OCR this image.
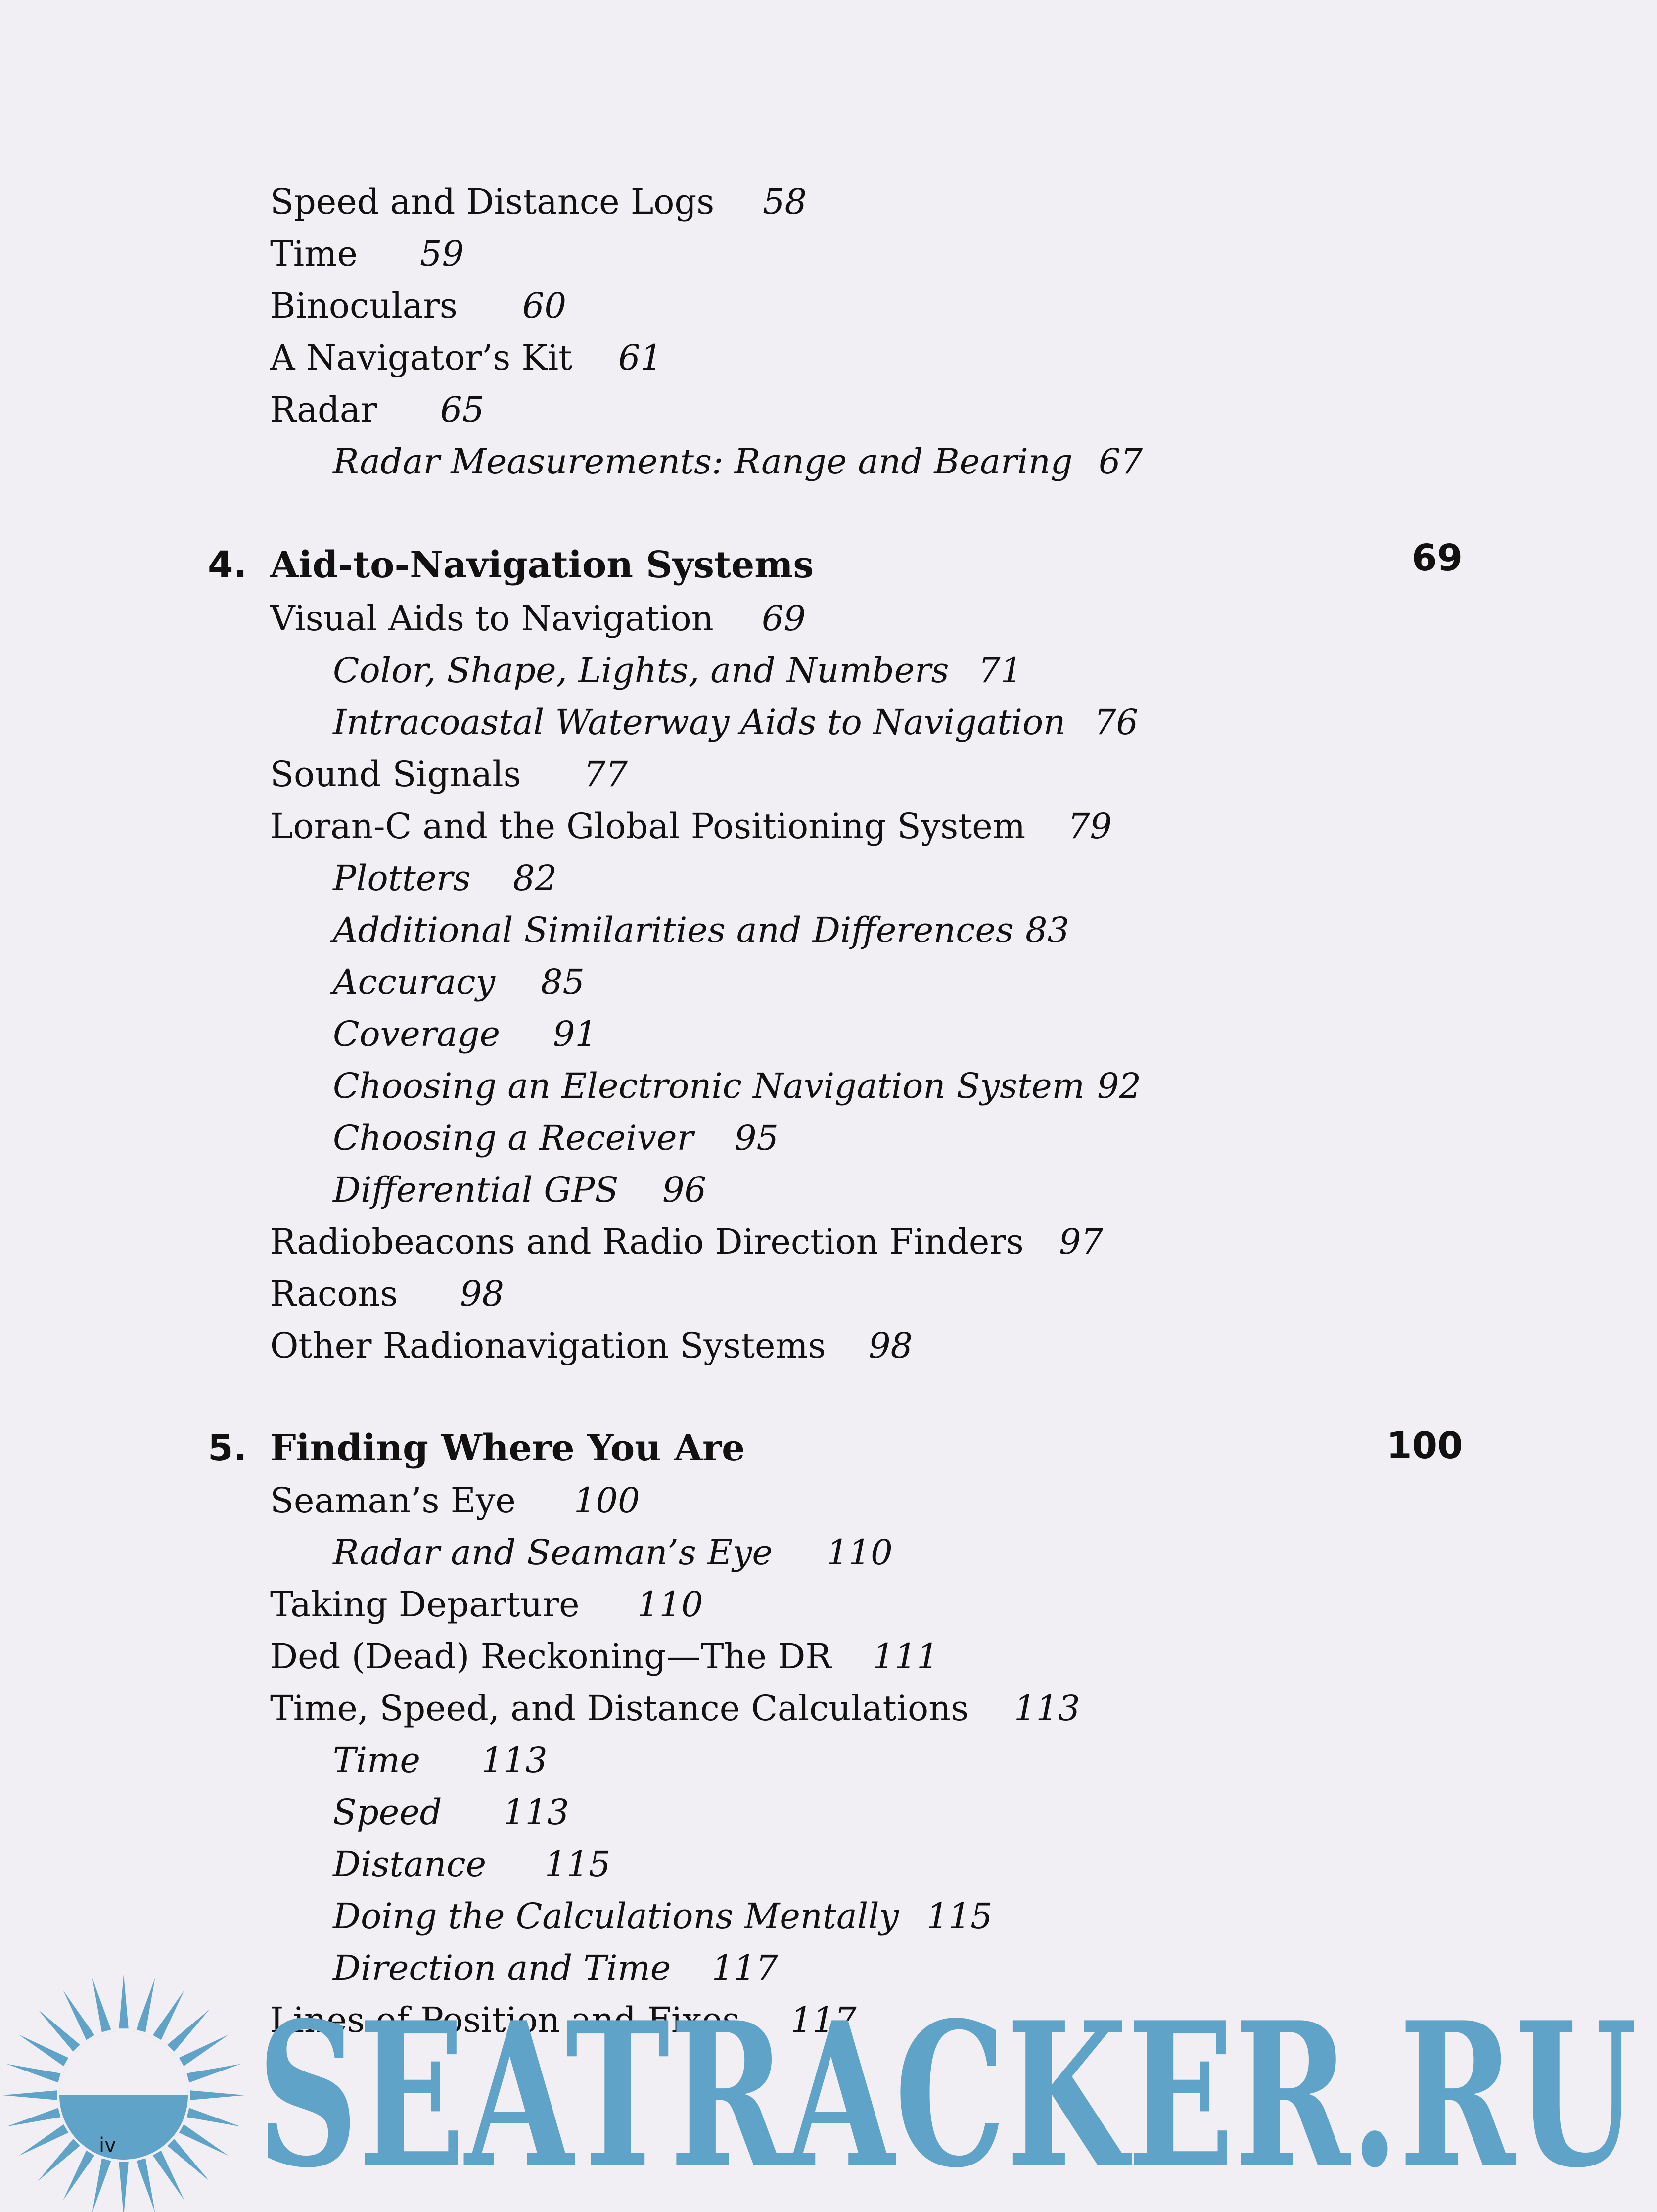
Speed and Distance Logs 58
Time 59
Binoculars 60
A Navigator’s Kit 61
Radar 65
Radar Measurements: Range and Bearing 67
4. Aid-to-Navigation Systems	69
Visual Aids to Navigation 69
Color, Shape, Lights, and Numbers 71
Intracoastal Waterway Aids to Navigation 76
Sound Signals 77
Loran-C and the Global Positioning System 79
Plotters 82
Additional Similarities and Differences 83
Accuracy 85
Coverage 91
Choosing an Electronic Navigation System 92
Choosing a Receiver 95
Differential GPS 96
Radiobeacons and Radio Direction Finders 97
Racons 98
Other Radionavigation Systems 98
5. Finding Where You Are	100
Seaman’s Eye 100
Radar and Seaman’s Eye 110
Taking Departure 110
Ded (Dead) Reckoning—The DR 111
Time, Speed, and Distance Calculations 113
Time 113
Speed 113
Distance 115
Doing the Calculations Mentally 115
Direction and Time 117
Lines of Position and Fixes 117
SEATRACKER.RU
iv
